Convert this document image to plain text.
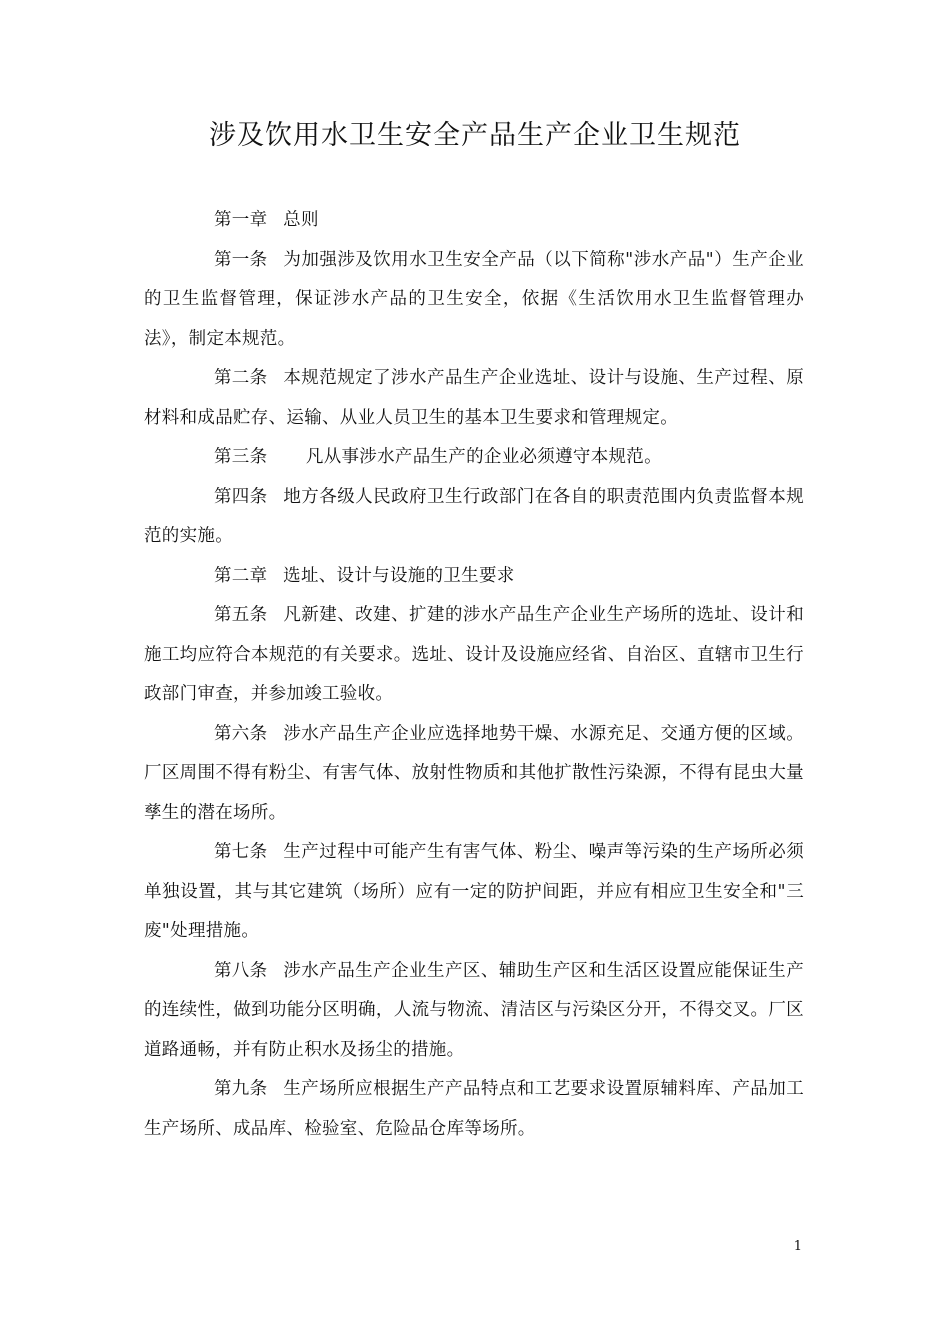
涉及饮用水卫生安全产品生产企业卫生规范

第一章 总则

第一条 为加强涉及饮用水卫生安全产品（以下简称"涉水产品"）生产企业的卫生监督管理，保证涉水产品的卫生安全，依据《生活饮用水卫生监督管理办法》，制定本规范。

第二条 本规范规定了涉水产品生产企业选址、设计与设施、生产过程、原材料和成品贮存、运输、从业人员卫生的基本卫生要求和管理规定。

第三条 凡从事涉水产品生产的企业必须遵守本规范。

第四条 地方各级人民政府卫生行政部门在各自的职责范围内负责监督本规范的实施。

第二章 选址、设计与设施的卫生要求

第五条 凡新建、改建、扩建的涉水产品生产企业生产场所的选址、设计和施工均应符合本规范的有关要求。选址、设计及设施应经省、自治区、直辖市卫生行政部门审查，并参加竣工验收。

第六条 涉水产品生产企业应选择地势干燥、水源充足、交通方便的区域。厂区周围不得有粉尘、有害气体、放射性物质和其他扩散性污染源，不得有昆虫大量孳生的潜在场所。

第七条 生产过程中可能产生有害气体、粉尘、噪声等污染的生产场所必须单独设置，其与其它建筑（场所）应有一定的防护间距，并应有相应卫生安全和"三废"处理措施。

第八条 涉水产品生产企业生产区、辅助生产区和生活区设置应能保证生产的连续性，做到功能分区明确，人流与物流、清洁区与污染区分开，不得交叉。厂区道路通畅，并有防止积水及扬尘的措施。

第九条 生产场所应根据生产产品特点和工艺要求设置原辅料库、产品加工生产场所、成品库、检验室、危险品仓库等场所。

1
